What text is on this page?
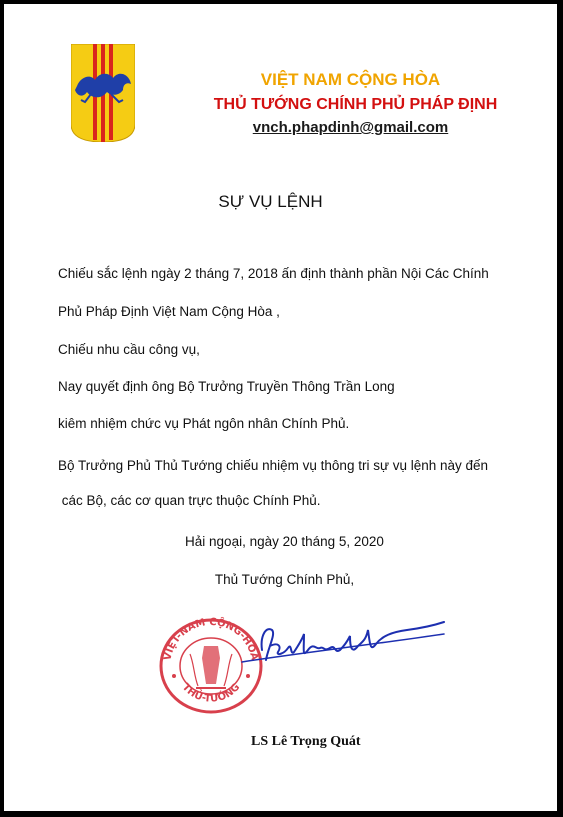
VIỆT NAM CỘNG HÒA
THỦ TƯỚNG CHÍNH PHỦ PHÁP ĐỊNH
vnch.phapdinh@gmail.com
SỰ VỤ LỆNH
Chiếu sắc lệnh ngày 2 tháng 7, 2018 ấn định thành phần Nội Các Chính
Phủ Pháp Định Việt Nam Cộng Hòa ,
Chiếu nhu cầu công vụ,
Nay quyết định ông Bộ Trưởng Truyền Thông Trần Long
kiêm nhiệm chức vụ Phát ngôn nhân Chính Phủ.
Bộ Trưởng Phủ Thủ Tướng chiếu nhiệm vụ thông tri sự vụ lệnh này đến
các Bộ, các cơ quan trực thuộc Chính Phủ.
Hải ngoại, ngày 20 tháng 5, 2020
Thủ Tướng Chính Phủ,
VIỆT-NAM CỘNG-HÒA
THỦ-TƯỚNG
LS Lê Trọng Quát
